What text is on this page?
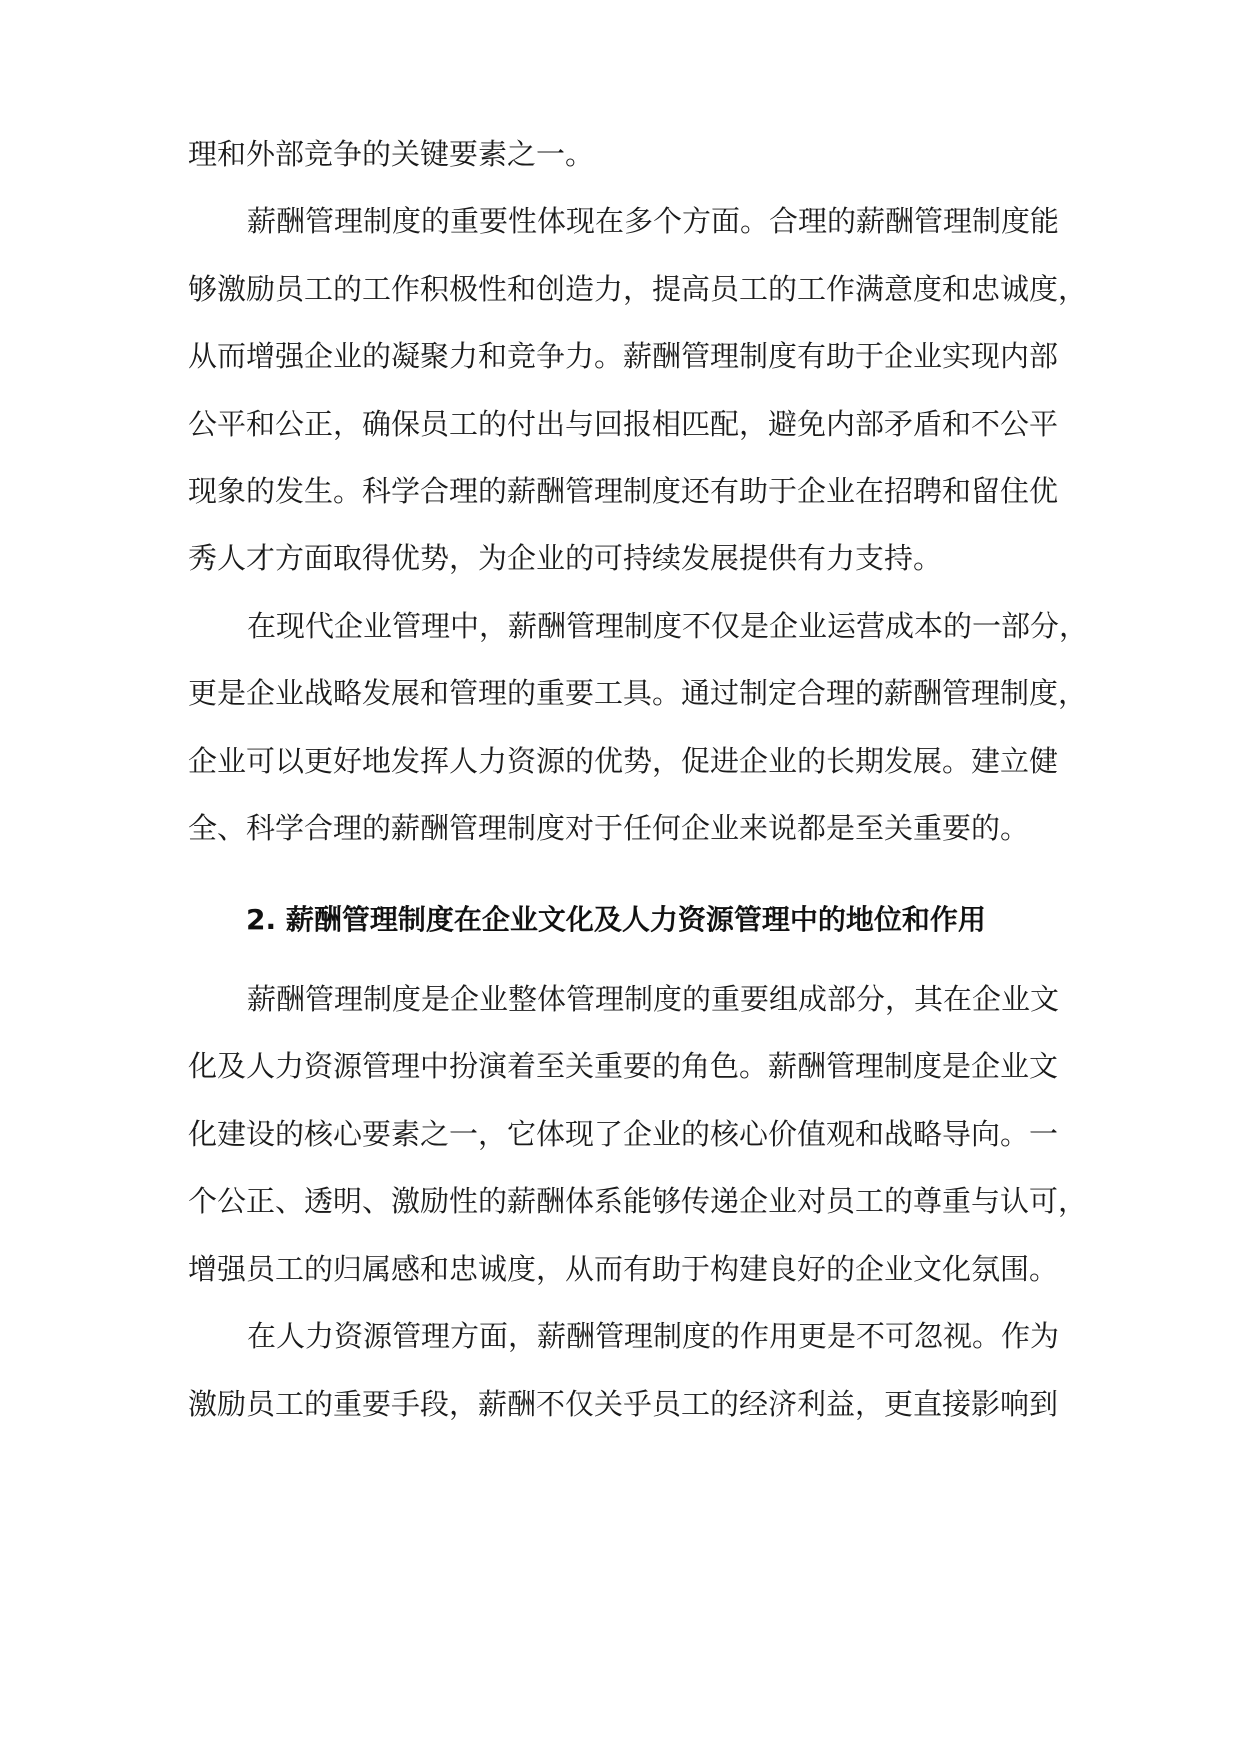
理和外部竞争的关键要素之一。
薪酬管理制度的重要性体现在多个方面。合理的薪酬管理制度能
够激励员工的工作积极性和创造力，提高员工的工作满意度和忠诚度，
从而增强企业的凝聚力和竞争力。薪酬管理制度有助于企业实现内部
公平和公正，确保员工的付出与回报相匹配，避免内部矛盾和不公平
现象的发生。科学合理的薪酬管理制度还有助于企业在招聘和留住优
秀人才方面取得优势，为企业的可持续发展提供有力支持。
在现代企业管理中，薪酬管理制度不仅是企业运营成本的一部分，
更是企业战略发展和管理的重要工具。通过制定合理的薪酬管理制度，
企业可以更好地发挥人力资源的优势，促进企业的长期发展。建立健
全、科学合理的薪酬管理制度对于任何企业来说都是至关重要的。
2. 薪酬管理制度在企业文化及人力资源管理中的地位和作用
薪酬管理制度是企业整体管理制度的重要组成部分，其在企业文
化及人力资源管理中扮演着至关重要的角色。薪酬管理制度是企业文
化建设的核心要素之一，它体现了企业的核心价值观和战略导向。一
个公正、透明、激励性的薪酬体系能够传递企业对员工的尊重与认可，
增强员工的归属感和忠诚度，从而有助于构建良好的企业文化氛围。
在人力资源管理方面，薪酬管理制度的作用更是不可忽视。作为
激励员工的重要手段，薪酬不仅关乎员工的经济利益，更直接影响到
